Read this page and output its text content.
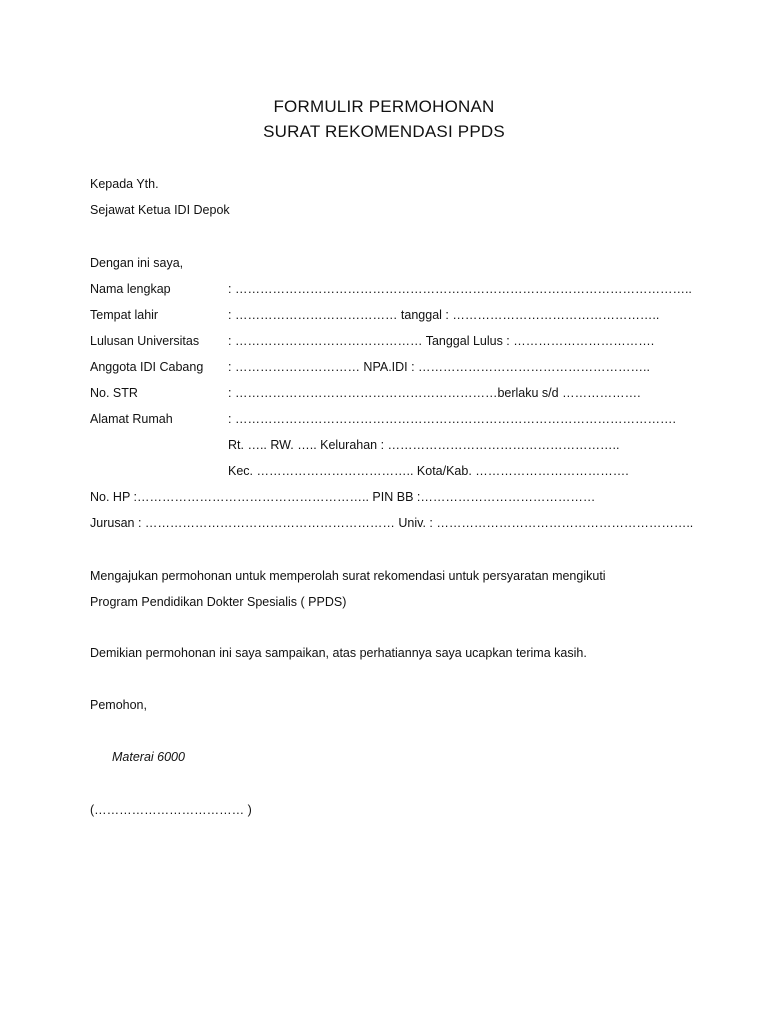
FORMULIR PERMOHONAN
SURAT REKOMENDASI PPDS
Kepada Yth.
Sejawat Ketua IDI Depok
Dengan ini saya,
Nama lengkap	: ………………………………………………………………………………………………..
Tempat lahir	: ………………………………… tanggal : …………………………………………..
Lulusan Universitas : ……………………………………… Tanggal Lulus : …………………………….
Anggota IDI Cabang : ………………………… NPA.IDI : ………………………………………………..
No. STR	: ………………………………………………………berlaku s/d ……………….
Alamat Rumah	: …………………………………………………………………………………………….
Rt. ….. RW. ….. Kelurahan : ………………………………………………..
Kec. ……………………………….. Kota/Kab. ……………………………….
No. HP :……………………………………………….. PIN BB :……………………………………
Jurusan : …………………………………………………… Univ. : ……………………………………………………..
Mengajukan permohonan untuk memperolah surat rekomendasi untuk persyaratan mengikuti
Program Pendidikan Dokter Spesialis ( PPDS)
Demikian permohonan ini saya sampaikan, atas perhatiannya saya ucapkan terima kasih.
Pemohon,
Materai 6000
(……………………………… )
